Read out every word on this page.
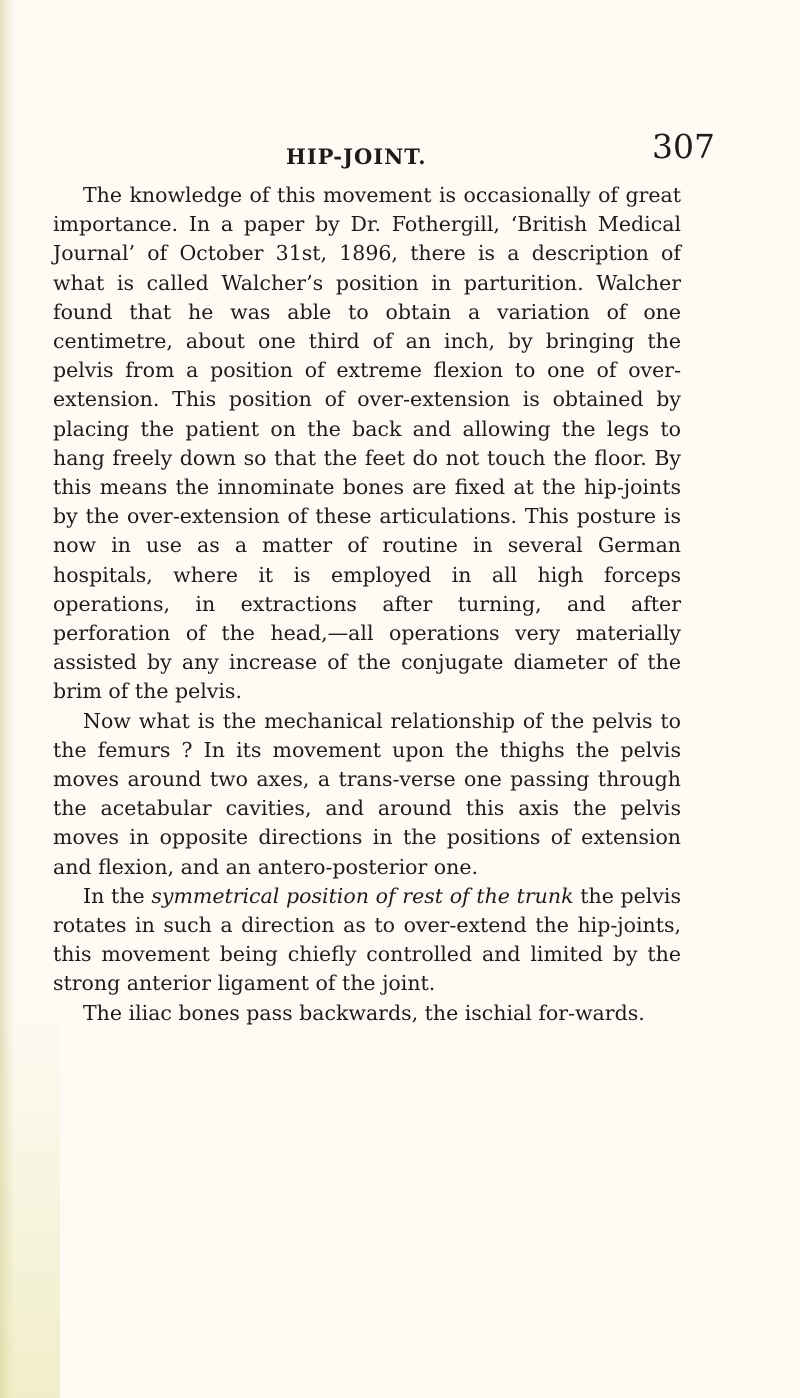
HIP-JOINT.	307

The knowledge of this movement is occasionally of great importance. In a paper by Dr. Fothergill, ‘British Medical Journal’ of October 31st, 1896, there is a description of what is called Walcher’s position in parturition. Walcher found that he was able to obtain a variation of one centimetre, about one third of an inch, by bringing the pelvis from a position of extreme flexion to one of over-extension. This position of over-extension is obtained by placing the patient on the back and allowing the legs to hang freely down so that the feet do not touch the floor. By this means the innominate bones are fixed at the hip-joints by the over-extension of these articulations. This posture is now in use as a matter of routine in several German hospitals, where it is employed in all high forceps operations, in extractions after turning, and after perforation of the head,—all operations very materially assisted by any increase of the conjugate diameter of the brim of the pelvis.

Now what is the mechanical relationship of the pelvis to the femurs ? In its movement upon the thighs the pelvis moves around two axes, a trans-verse one passing through the acetabular cavities, and around this axis the pelvis moves in opposite directions in the positions of extension and flexion, and an antero-posterior one.

In the symmetrical position of rest of the trunk the pelvis rotates in such a direction as to over-extend the hip-joints, this movement being chiefly controlled and limited by the strong anterior ligament of the joint.

The iliac bones pass backwards, the ischial for-wards.
